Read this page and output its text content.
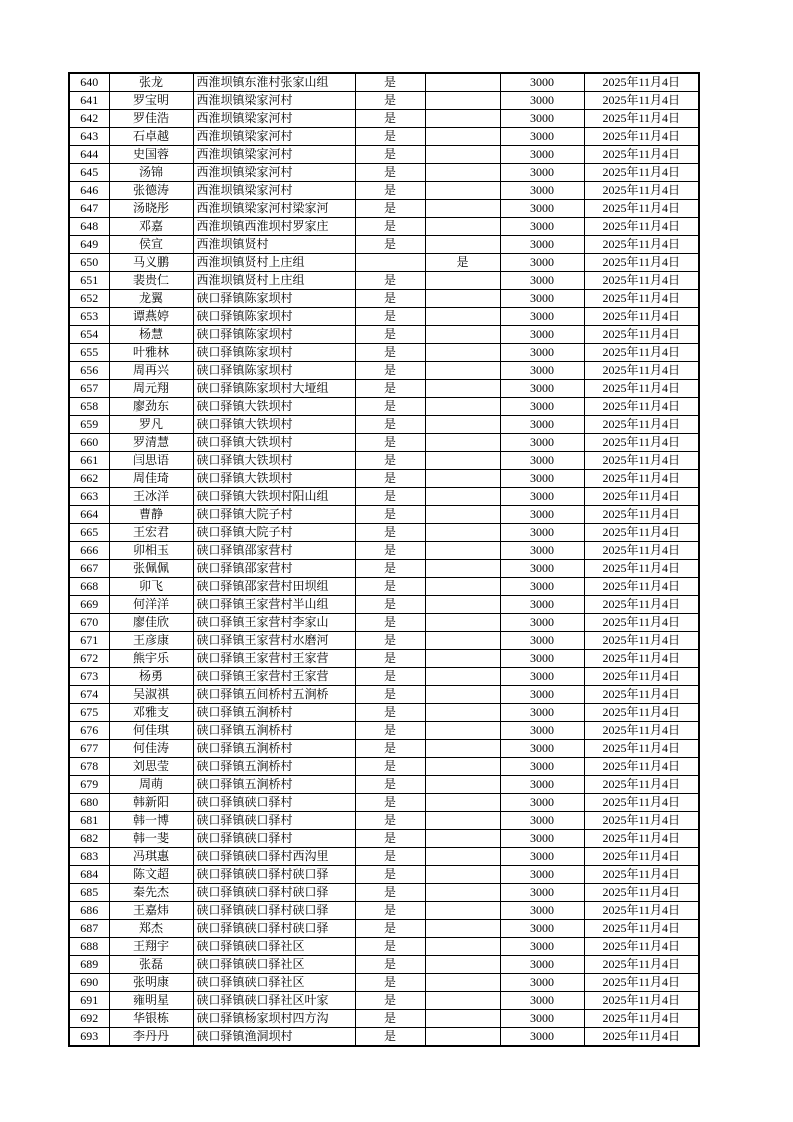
640	张龙	西淮坝镇东淮村张家山组	是		3000	2025年11月4日
641	罗宝明	西淮坝镇梁家河村	是		3000	2025年11月4日
642	罗佳浩	西淮坝镇梁家河村	是		3000	2025年11月4日
643	石卓越	西淮坝镇梁家河村	是		3000	2025年11月4日
644	史国蓉	西淮坝镇梁家河村	是		3000	2025年11月4日
645	汤锦	西淮坝镇梁家河村	是		3000	2025年11月4日
646	张德涛	西淮坝镇梁家河村	是		3000	2025年11月4日
647	汤晓彤	西淮坝镇梁家河村梁家河	是		3000	2025年11月4日
648	邓嘉	西淮坝镇西淮坝村罗家庄	是		3000	2025年11月4日
649	侯宣	西淮坝镇贤村	是		3000	2025年11月4日
650	马义鹏	西淮坝镇贤村上庄组		是	3000	2025年11月4日
651	裴贵仁	西淮坝镇贤村上庄组	是		3000	2025年11月4日
652	龙翼	硖口驿镇陈家坝村	是		3000	2025年11月4日
653	谭燕婷	硖口驿镇陈家坝村	是		3000	2025年11月4日
654	杨慧	硖口驿镇陈家坝村	是		3000	2025年11月4日
655	叶雅林	硖口驿镇陈家坝村	是		3000	2025年11月4日
656	周再兴	硖口驿镇陈家坝村	是		3000	2025年11月4日
657	周元翔	硖口驿镇陈家坝村大垭组	是		3000	2025年11月4日
658	廖劲东	硖口驿镇大铁坝村	是		3000	2025年11月4日
659	罗凡	硖口驿镇大铁坝村	是		3000	2025年11月4日
660	罗清慧	硖口驿镇大铁坝村	是		3000	2025年11月4日
661	闫思语	硖口驿镇大铁坝村	是		3000	2025年11月4日
662	周佳琦	硖口驿镇大铁坝村	是		3000	2025年11月4日
663	王冰洋	硖口驿镇大铁坝村阳山组	是		3000	2025年11月4日
664	曹静	硖口驿镇大院子村	是		3000	2025年11月4日
665	王宏君	硖口驿镇大院子村	是		3000	2025年11月4日
666	卯相玉	硖口驿镇邵家营村	是		3000	2025年11月4日
667	张佩佩	硖口驿镇邵家营村	是		3000	2025年11月4日
668	卯飞	硖口驿镇邵家营村田坝组	是		3000	2025年11月4日
669	何洋洋	硖口驿镇王家营村半山组	是		3000	2025年11月4日
670	廖佳欣	硖口驿镇王家营村李家山	是		3000	2025年11月4日
671	王彦康	硖口驿镇王家营村水磨河	是		3000	2025年11月4日
672	熊宇乐	硖口驿镇王家营村王家营	是		3000	2025年11月4日
673	杨勇	硖口驿镇王家营村王家营	是		3000	2025年11月4日
674	吴淑祺	硖口驿镇五间桥村五涧桥	是		3000	2025年11月4日
675	邓雅支	硖口驿镇五涧桥村	是		3000	2025年11月4日
676	何佳琪	硖口驿镇五涧桥村	是		3000	2025年11月4日
677	何佳涛	硖口驿镇五涧桥村	是		3000	2025年11月4日
678	刘思莹	硖口驿镇五涧桥村	是		3000	2025年11月4日
679	周萌	硖口驿镇五涧桥村	是		3000	2025年11月4日
680	韩新阳	硖口驿镇硖口驿村	是		3000	2025年11月4日
681	韩一博	硖口驿镇硖口驿村	是		3000	2025年11月4日
682	韩一斐	硖口驿镇硖口驿村	是		3000	2025年11月4日
683	冯琪惠	硖口驿镇硖口驿村西沟里	是		3000	2025年11月4日
684	陈文超	硖口驿镇硖口驿村硖口驿	是		3000	2025年11月4日
685	秦先杰	硖口驿镇硖口驿村硖口驿	是		3000	2025年11月4日
686	王嘉炜	硖口驿镇硖口驿村硖口驿	是		3000	2025年11月4日
687	郑杰	硖口驿镇硖口驿村硖口驿	是		3000	2025年11月4日
688	王翔宇	硖口驿镇硖口驿社区	是		3000	2025年11月4日
689	张磊	硖口驿镇硖口驿社区	是		3000	2025年11月4日
690	张明康	硖口驿镇硖口驿社区	是		3000	2025年11月4日
691	雍明星	硖口驿镇硖口驿社区叶家	是		3000	2025年11月4日
692	华银栋	硖口驿镇杨家坝村四方沟	是		3000	2025年11月4日
693	李丹丹	硖口驿镇渔洞坝村	是		3000	2025年11月4日
